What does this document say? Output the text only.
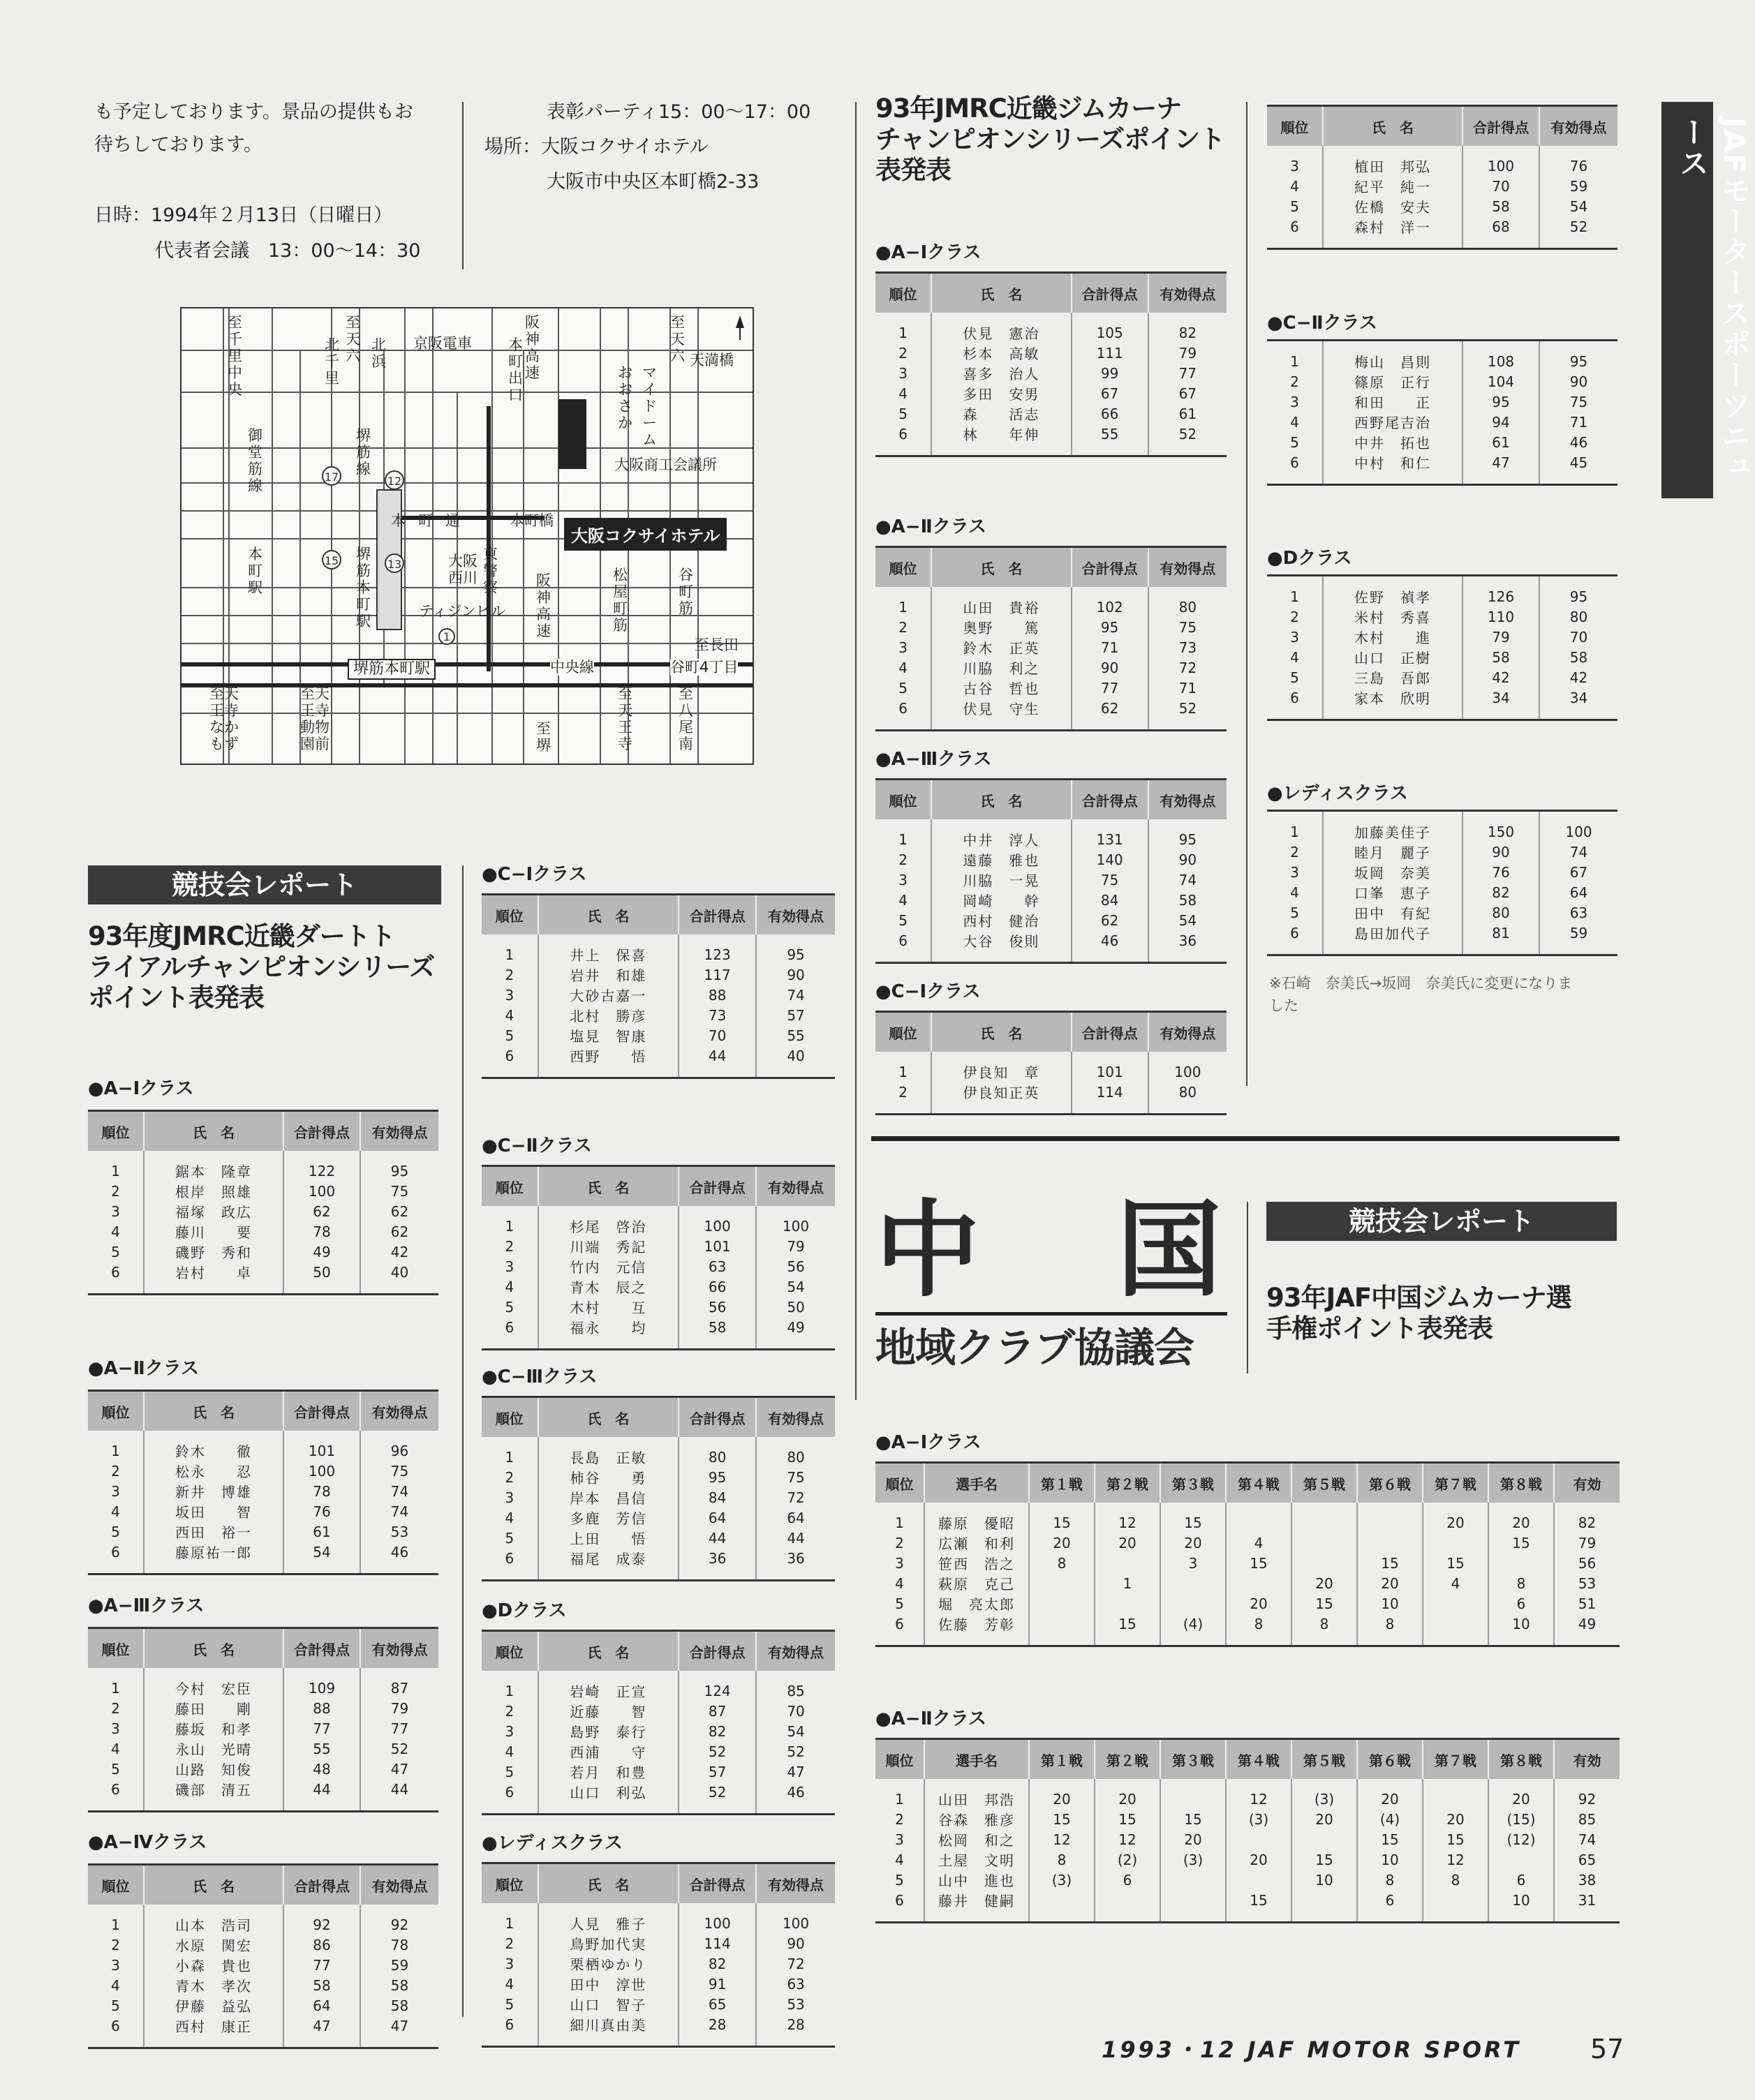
も予定しております。景品の提供もお
待ちしております。
日時：1994年２月13日（日曜日）
代表者会議　13：00〜14：30
表彰パーティ15：00〜17：00
場所：大阪コクサイホテル
大阪市中央区本町橋2-33
17	12
15	13
1
至千里中央
至天六
北千里
北浜
京阪電車
阪神高速
本町出口
マイドーム
おおさか
至天六 天満橋
御堂筋線
堺筋線	大阪商工会議所
本町通	本町橋
本町駅
堺筋本町駅
東警察
大阪西川	阪神高速
松屋町筋
谷町筋
ティジンビル
中央線	谷町4丁目
至長田
至天王寺なかもず
至天王寺動物園前
至堺
至天王寺
至八尾南
堺筋本町駅
大阪コクサイホテル
JAFモータースポーツニュース
競技会レポート
93年度JMRC近畿ダートト
ライアルチャンピオンシリーズ
ポイント表発表
●A−Ⅰクラス
順位	氏　名	合計得点	有効得点
1	鋸本　隆章	122	95
2	根岸　照雄	100	75
3	福塚　政広	62	62
4	藤川　　要	78	62
5	磯野　秀和	49	42
6	岩村　　卓	50	40
●A−Ⅱクラス
順位	氏　名	合計得点	有効得点
1	鈴木　　徹	101	96
2	松永　　忍	100	75
3	新井　博雄	78	74
4	坂田　　智	76	74
5	西田　裕一	61	53
6	藤原祐一郎	54	46
●A−Ⅲクラス
順位	氏　名	合計得点	有効得点
1	今村　宏臣	109	87
2	藤田　　剛	88	79
3	藤坂　和孝	77	77
4	永山　光晴	55	52
5	山路　知俊	48	47
6	磯部　清五	44	44
●A−Ⅳクラス
順位	氏　名	合計得点	有効得点
1	山本　浩司	92	92
2	水原　関宏	86	78
3	小森　貴也	77	59
4	青木　孝次	58	58
5	伊藤　益弘	64	58
6	西村　康正	47	47
●C−Ⅰクラス
順位	氏　名	合計得点	有効得点
1	井上　保喜	123	95
2	岩井　和雄	117	90
3	大砂古嘉一	88	74
4	北村　勝彦	73	57
5	塩見　智康	70	55
6	西野　　悟	44	40
●C−Ⅱクラス
順位	氏　名	合計得点	有効得点
1	杉尾　啓治	100	100
2	川端　秀記	101	79
3	竹内　元信	63	56
4	青木　辰之	66	54
5	木村　　互	56	50
6	福永　　均	58	49
●C−Ⅲクラス
順位	氏　名	合計得点	有効得点
1	長島　正敏	80	80
2	柿谷　　勇	95	75
3	岸本　昌信	84	72
4	多鹿　芳信	64	64
5	上田　　悟	44	44
6	福尾　成泰	36	36
●Dクラス
順位	氏　名	合計得点	有効得点
1	岩崎　正宣	124	85
2	近藤　　智	87	70
3	島野　泰行	82	54
4	西浦　　守	52	52
5	若月　和豊	57	47
6	山口　利弘	52	46
●レディスクラス
順位	氏　名	合計得点	有効得点
1	人見　雅子	100	100
2	鳥野加代実	114	90
3	栗栖ゆかり	82	72
4	田中　淳世	91	63
5	山口　智子	65	53
6	細川真由美	28	28
93年JMRC近畿ジムカーナ
チャンピオンシリーズポイント
表発表
●A−Ⅰクラス
順位	氏　名	合計得点	有効得点
1	伏見　憲治	105	82
2	杉本　高敏	111	79
3	喜多　治人	99	77
4	多田　安男	67	67
5	森　　活志	66	61
6	林　　年伸	55	52
●A−Ⅱクラス
順位	氏　名	合計得点	有効得点
1	山田　貴裕	102	80
2	奥野　　篤	95	75
3	鈴木　正英	71	73
4	川脇　利之	90	72
5	古谷　哲也	77	71
6	伏見　守生	62	52
●A−Ⅲクラス
順位	氏　名	合計得点	有効得点
1	中井　淳人	131	95
2	遠藤　雅也	140	90
3	川脇　一晃	75	74
4	岡崎　　幹	84	58
5	西村　健治	62	54
6	大谷　俊則	46	36
●C−Ⅰクラス
順位	氏　名	合計得点	有効得点
1	伊良知　章	101	100
2	伊良知正英	114	80
順位	氏　名	合計得点	有効得点
3	植田　邦弘	100	76
4	紀平　純一	70	59
5	佐橋　安夫	58	54
6	森村　洋一	68	52
●C−Ⅱクラス
1	梅山　昌則	108	95
2	篠原　正行	104	90
3	和田　　正	95	75
4	西野尾吉治	94	71
5	中井　拓也	61	46
6	中村　和仁	47	45
●Dクラス
1	佐野　禎孝	126	95
2	米村　秀喜	110	80
3	木村　　進	79	70
4	山口　正樹	58	58
5	三島　吾郎	42	42
6	家本　欣明	34	34
●レディスクラス
1	加藤美佳子	150	100
2	睦月　麗子	90	74
3	坂岡　奈美	76	67
4	口峯　恵子	82	64
5	田中　有紀	80	63
6	島田加代子	81	59
※石崎　奈美氏→坂岡　奈美氏に変更になりま
した
中 国
地域クラブ協議会
競技会レポート
93年JAF中国ジムカーナ選
手権ポイント表発表
●A−Ⅰクラス
順位	選手名	第１戦	第２戦	第３戦	第４戦	第５戦	第６戦	第７戦	第８戦	有効
1	藤原　優昭	15	12	15				20	20	82
2	広瀬　和利	20	20	20	4				15	79
3	笹西　浩之	8		3	15		15	15		56
4	萩原　克己		1			20	20	4	8	53
5	堀　亮太郎				20	15	10		6	51
6	佐藤　芳彰		15	(4)	8	8	8		10	49
●A−Ⅱクラス
順位	選手名	第１戦	第２戦	第３戦	第４戦	第５戦	第６戦	第７戦	第８戦	有効
1	山田　邦浩	20	20		12	(3)	20		20	92
2	谷森　雅彦	15	15	15	(3)	20	(4)	20	(15)	85
3	松岡　和之	12	12	20			15	15	(12)	74
4	土屋　文明	8	(2)	(3)	20	15	10	12		65
5	山中　進也	(3)	6			10	8	8	6	38
6	藤井　健嗣				15		6		10	31
1993・12 JAF MOTOR SPORT	57
